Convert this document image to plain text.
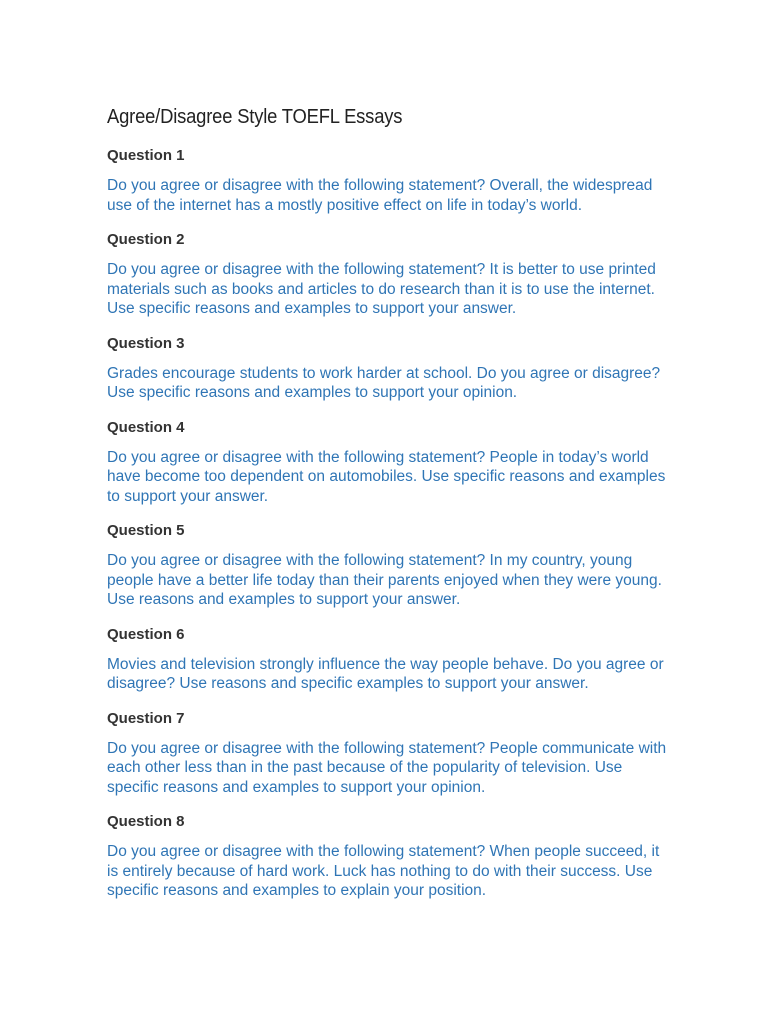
Agree/Disagree Style TOEFL Essays

Question 1

Do you agree or disagree with the following statement? Overall, the widespread use of the internet has a mostly positive effect on life in today’s world.

Question 2

Do you agree or disagree with the following statement? It is better to use printed materials such as books and articles to do research than it is to use the internet. Use specific reasons and examples to support your answer.

Question 3

Grades encourage students to work harder at school. Do you agree or disagree? Use specific reasons and examples to support your opinion.

Question 4

Do you agree or disagree with the following statement? People in today’s world have become too dependent on automobiles. Use specific reasons and examples to support your answer.

Question 5

Do you agree or disagree with the following statement? In my country, young people have a better life today than their parents enjoyed when they were young. Use reasons and examples to support your answer.

Question 6

Movies and television strongly influence the way people behave. Do you agree or disagree? Use reasons and specific examples to support your answer.

Question 7

Do you agree or disagree with the following statement? People communicate with each other less than in the past because of the popularity of television. Use specific reasons and examples to support your opinion.

Question 8

Do you agree or disagree with the following statement? When people succeed, it is entirely because of hard work. Luck has nothing to do with their success. Use specific reasons and examples to explain your position.
